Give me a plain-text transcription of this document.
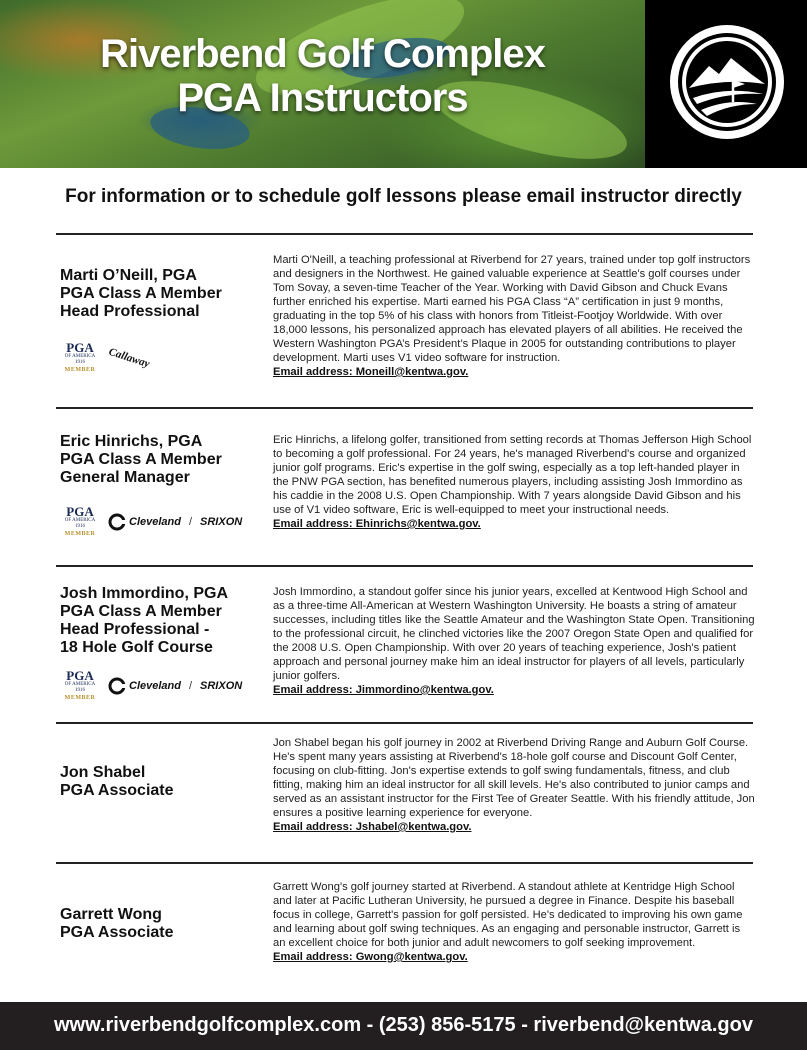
Riverbend Golf Complex
PGA Instructors

For information or to schedule golf lessons please email instructor directly

Marti O’Neill, PGA
PGA Class A Member
Head Professional
PGA
OF AMERICA
1916
MEMBER
Callaway

Marti O'Neill, a teaching professional at Riverbend for 27 years, trained under top golf instructors and designers in the Northwest. He gained valuable experience at Seattle's golf courses under Tom Sovay, a seven-time Teacher of the Year. Working with David Gibson and Chuck Evans further enriched his expertise. Marti earned his PGA Class “A” certification in just 9 months, graduating in the top 5% of his class with honors from Titleist-Footjoy Worldwide. With over 18,000 lessons, his personalized approach has elevated players of all abilities. He received the Western Washington PGA’s President’s Plaque in 2005 for outstanding contributions to player development. Marti uses V1 video software for instruction.

Email address: Moneill@kentwa.gov.
Eric Hinrichs, PGA
PGA Class A Member
General Manager
PGA
OF AMERICA
1916
MEMBER
Cleveland / SRIXON

Eric Hinrichs, a lifelong golfer, transitioned from setting records at Thomas Jefferson High School to becoming a golf professional. For 24 years, he's managed Riverbend's course and organized junior golf programs. Eric's expertise in the golf swing, especially as a top left-handed player in the PNW PGA section, has benefited numerous players, including assisting Josh Immordino as his caddie in the 2008 U.S. Open Championship. With 7 years alongside David Gibson and his use of V1 video software, Eric is well-equipped to meet your instructional needs.

Email address: Ehinrichs@kentwa.gov.
Josh Immordino, PGA
PGA Class A Member
Head Professional -
18 Hole Golf Course
PGA
OF AMERICA
1916
MEMBER
Cleveland / SRIXON

Josh Immordino, a standout golfer since his junior years, excelled at Kentwood High School and as a three-time All-American at Western Washington University. He boasts a string of amateur successes, including titles like the Seattle Amateur and the Washington State Open. Transitioning to the professional circuit, he clinched victories like the 2007 Oregon State Open and qualified for the 2008 U.S. Open Championship. With over 20 years of teaching experience, Josh's patient approach and personal journey make him an ideal instructor for players of all levels, particularly junior golfers.

Email address: Jimmordino@kentwa.gov.
Jon Shabel
PGA Associate

Jon Shabel began his golf journey in 2002 at Riverbend Driving Range and Auburn Golf Course. He's spent many years assisting at Riverbend's 18-hole golf course and Discount Golf Center, focusing on club-fitting. Jon's expertise extends to golf swing fundamentals, fitness, and club fitting, making him an ideal instructor for all skill levels. He's also contributed to junior camps and served as an assistant instructor for the First Tee of Greater Seattle. With his friendly attitude, Jon ensures a positive learning experience for everyone.

Email address: Jshabel@kentwa.gov.
Garrett Wong
PGA Associate

Garrett Wong's golf journey started at Riverbend. A standout athlete at Kentridge High School and later at Pacific Lutheran University, he pursued a degree in Finance. Despite his baseball focus in college, Garrett's passion for golf persisted. He's dedicated to improving his own game and learning about golf swing techniques. As an engaging and personable instructor, Garrett is an excellent choice for both junior and adult newcomers to golf seeking improvement.

Email address: Gwong@kentwa.gov.
www.riverbendgolfcomplex.com - (253) 856-5175 - riverbend@kentwa.gov
